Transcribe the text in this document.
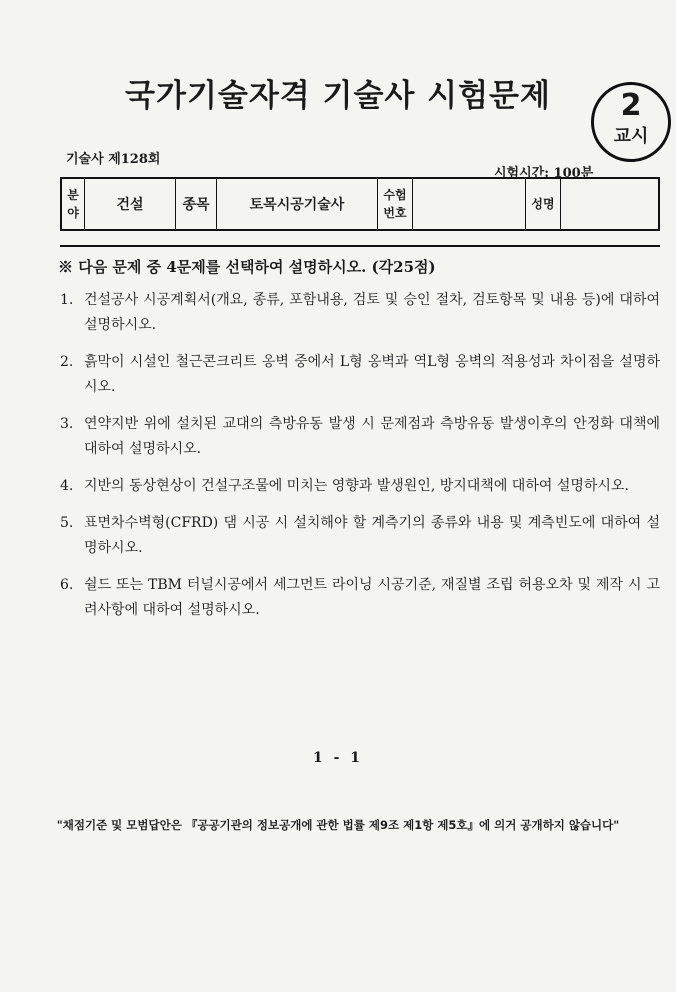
국가기술자격 기술사 시험문제	2
교시
기술사 제128회
시험시간: 100분
분야	건설	종목	토목시공기술사	수험번호		성명	
※ 다음 문제 중 4문제를 선택하여 설명하시오. (각25점)
1. 건설공사 시공계획서(개요, 종류, 포함내용, 검토 및 승인 절차, 검토항목 및 내용 등)에 대하여 설명하시오.
2. 흙막이 시설인 철근콘크리트 옹벽 중에서 L형 옹벽과 역L형 옹벽의 적용성과 차이점을 설명하시오.
3. 연약지반 위에 설치된 교대의 측방유동 발생 시 문제점과 측방유동 발생이후의 안정화 대책에 대하여 설명하시오.
4. 지반의 동상현상이 건설구조물에 미치는 영향과 발생원인, 방지대책에 대하여 설명하시오.
5. 표면차수벽형(CFRD) 댐 시공 시 설치해야 할 계측기의 종류와 내용 및 계측빈도에 대하여 설명하시오.
6. 쉴드 또는 TBM 터널시공에서 세그먼트 라이닝 시공기준, 재질별 조립 허용오차 및 제작 시 고려사항에 대하여 설명하시오.
1 - 1
"채점기준 및 모범답안은 『공공기관의 정보공개에 관한 법률 제9조 제1항 제5호』에 의거 공개하지 않습니다"
